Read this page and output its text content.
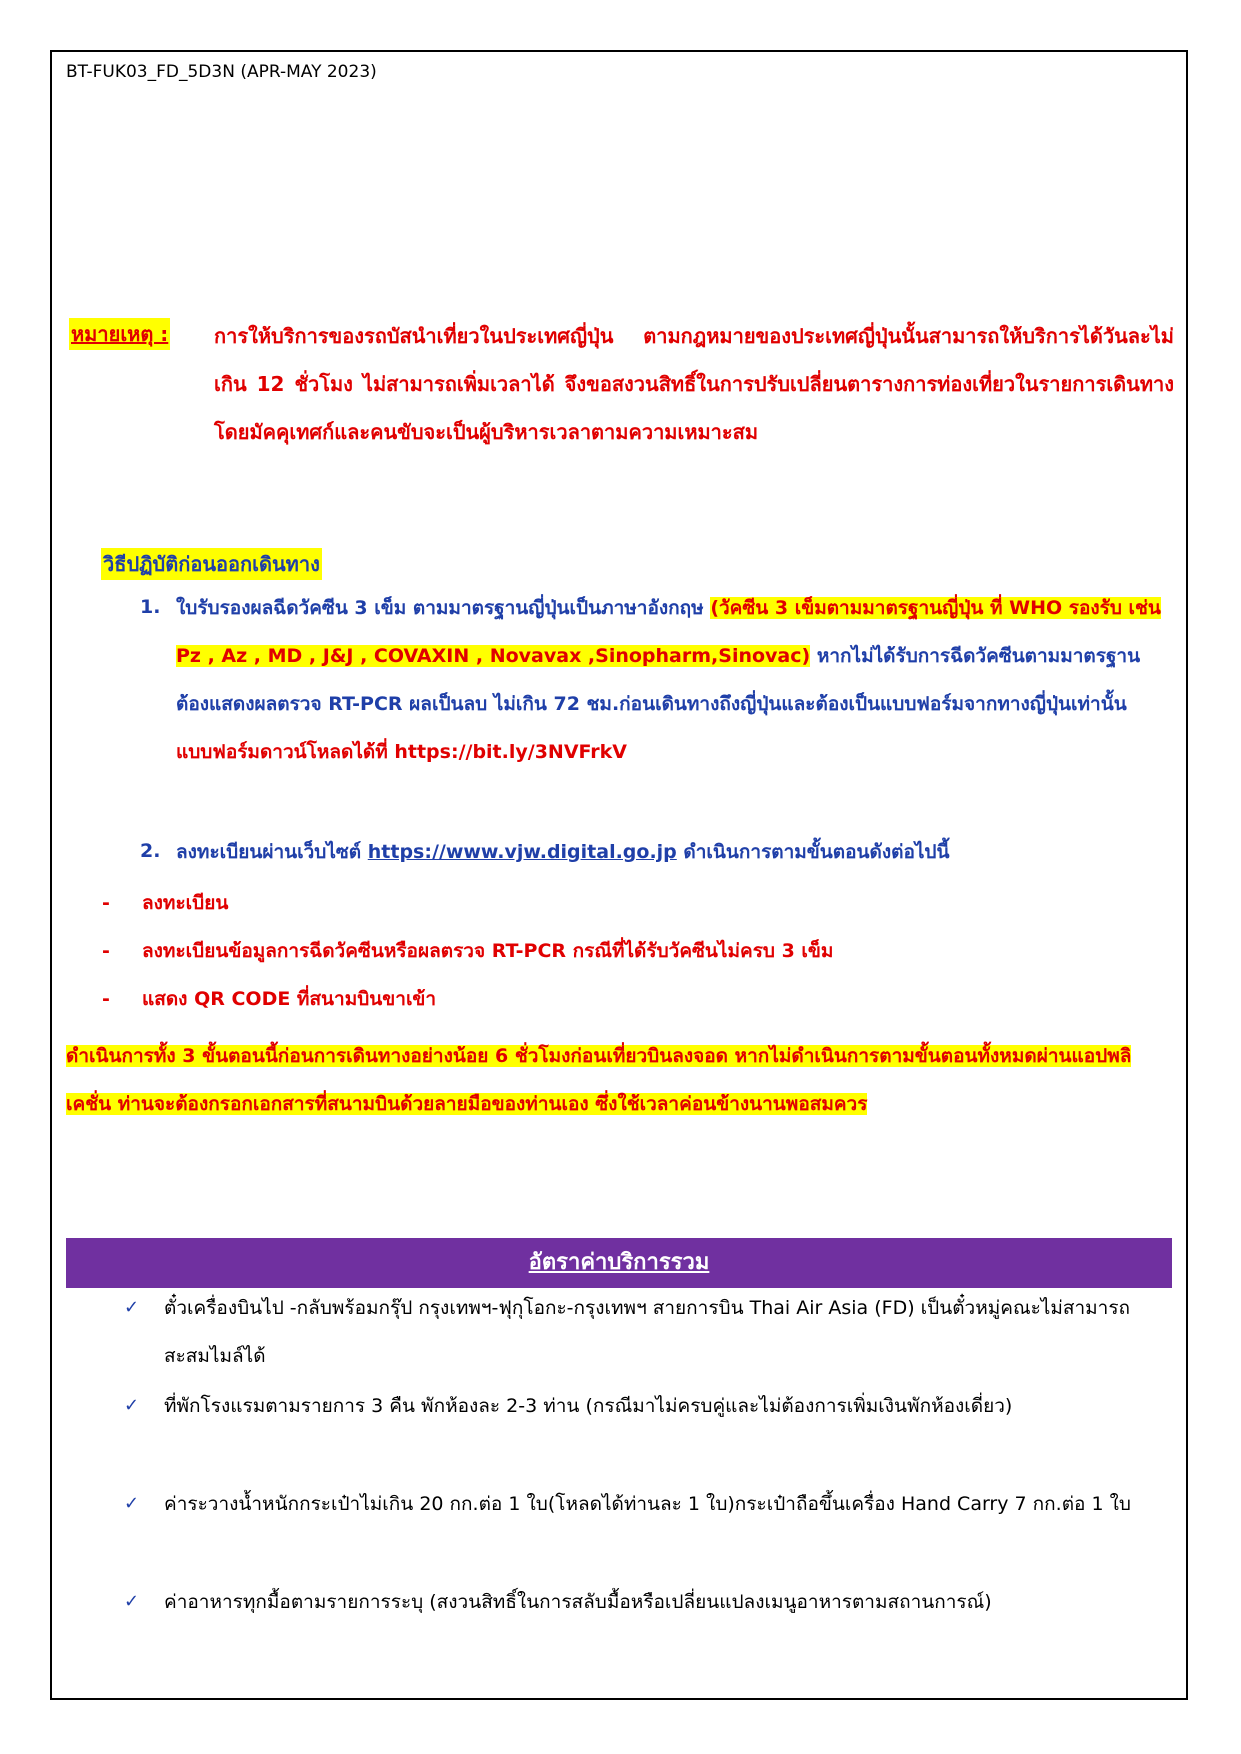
BT-FUK03_FD_5D3N (APR-MAY 2023)
หมายเหตุ : การให้บริการของรถบัสนำเที่ยวในประเทศญี่ปุ่น ตามกฎหมายของประเทศญี่ปุ่นนั้นสามารถให้บริการได้วันละไม่เกิน 12 ชั่วโมง ไม่สามารถเพิ่มเวลาได้ จึงขอสงวนสิทธิ์ในการปรับเปลี่ยนตารางการท่องเที่ยวในรายการเดินทาง โดยมัคคุเทศก์และคนขับจะเป็นผู้บริหารเวลาตามความเหมาะสม
วิธีปฏิบัติก่อนออกเดินทาง
1. ใบรับรองผลฉีดวัคซีน 3 เข็ม ตามมาตรฐานญี่ปุ่นเป็นภาษาอังกฤษ (วัคซีน 3 เข็มตามมาตรฐานญี่ปุ่น ที่ WHO รองรับ เช่น Pz , Az , MD , J&J , COVAXIN , Novavax ,Sinopharm,Sinovac) หากไม่ได้รับการฉีดวัคซีนตามมาตรฐานต้องแสดงผลตรวจ RT-PCR ผลเป็นลบ ไม่เกิน 72 ชม.ก่อนเดินทางถึงญี่ปุ่นและต้องเป็นแบบฟอร์มจากทางญี่ปุ่นเท่านั้น แบบฟอร์มดาวน์โหลดได้ที่ https://bit.ly/3NVFrkV
2. ลงทะเบียนผ่านเว็บไซต์ https://www.vjw.digital.go.jp ดำเนินการตามขั้นตอนดังต่อไปนี้
- ลงทะเบียน
- ลงทะเบียนข้อมูลการฉีดวัคซีนหรือผลตรวจ RT-PCR กรณีที่ได้รับวัคซีนไม่ครบ 3 เข็ม
- แสดง QR CODE ที่สนามบินขาเข้า
ดำเนินการทั้ง 3 ขั้นตอนนี้ก่อนการเดินทางอย่างน้อย 6 ชั่วโมงก่อนเที่ยวบินลงจอด หากไม่ดำเนินการตามขั้นตอนทั้งหมดผ่านแอปพลิเคชั่น ท่านจะต้องกรอกเอกสารที่สนามบินด้วยลายมือของท่านเอง ซึ่งใช้เวลาค่อนข้างนานพอสมควร
อัตราค่าบริการรวม
✓ ตั๋วเครื่องบินไป -กลับพร้อมกรุ๊ป กรุงเทพฯ-ฟุกุโอกะ-กรุงเทพฯ สายการบิน Thai Air Asia (FD) เป็นตั๋วหมู่คณะไม่สามารถสะสมไมล์ได้
✓ ที่พักโรงแรมตามรายการ 3 คืน พักห้องละ 2-3 ท่าน (กรณีมาไม่ครบคู่และไม่ต้องการเพิ่มเงินพักห้องเดี่ยว)
✓ ค่าระวางน้ำหนักกระเป๋าไม่เกิน 20 กก.ต่อ 1 ใบ(โหลดได้ท่านละ 1 ใบ)กระเป๋าถือขึ้นเครื่อง Hand Carry 7 กก.ต่อ 1 ใบ
✓ ค่าอาหารทุกมื้อตามรายการระบุ (สงวนสิทธิ์ในการสลับมื้อหรือเปลี่ยนแปลงเมนูอาหารตามสถานการณ์)
